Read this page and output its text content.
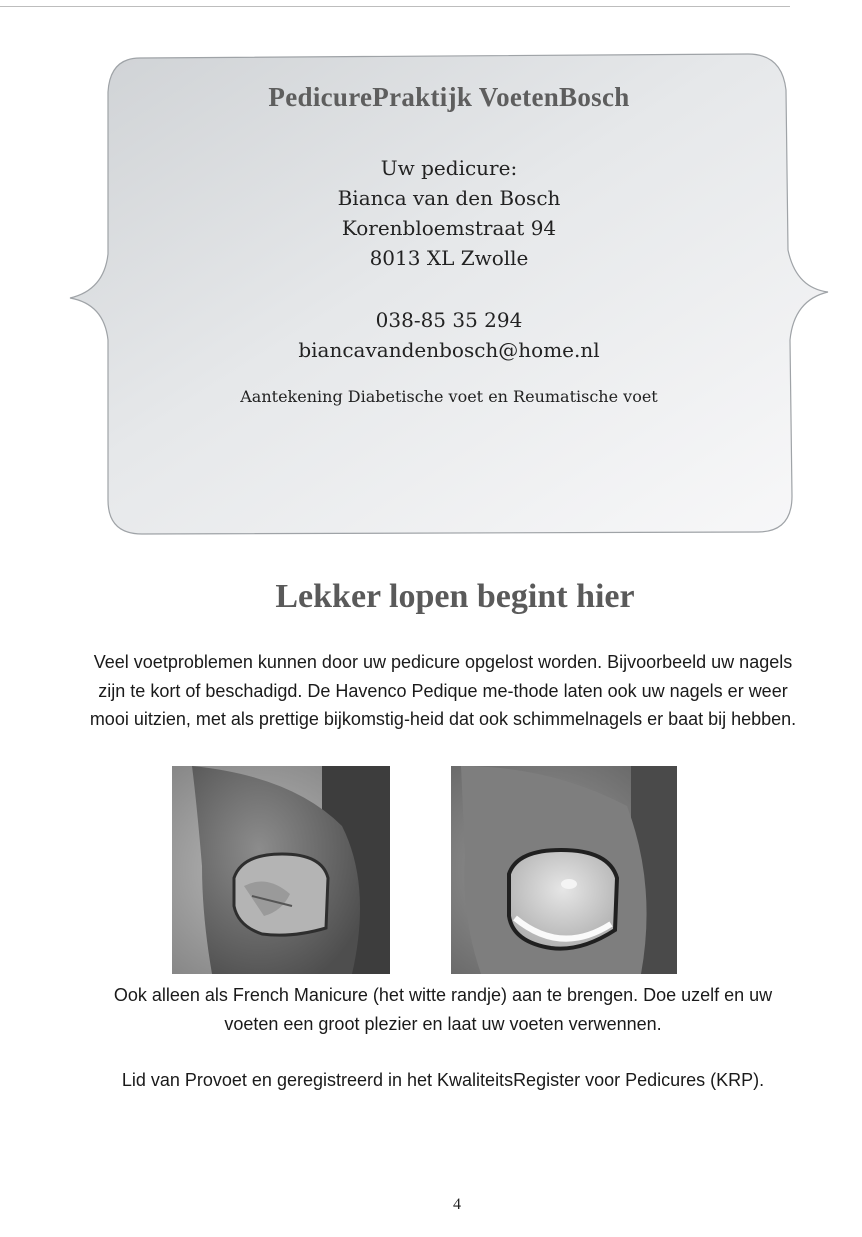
PedicurePraktijk VoetenBosch
Uw pedicure:
Bianca van den Bosch
Korenbloemstraat 94
8013 XL Zwolle
038-85 35 294
biancavandenbosch@home.nl
Aantekening Diabetische voet en Reumatische voet
Lekker lopen begint hier
Veel voetproblemen kunnen door uw pedicure opgelost worden. Bijvoorbeeld uw nagels zijn te kort of beschadigd. De Havenco Pedique me-thode laten ook uw nagels er weer mooi uitzien, met als prettige bijkomstig-heid dat ook schimmelnagels er baat bij hebben.
Ook alleen als French Manicure (het witte randje) aan te brengen. Doe uzelf en uw voeten een groot plezier en laat uw voeten verwennen.
Lid van Provoet en geregistreerd in het KwaliteitsRegister voor Pedicures (KRP).
4
